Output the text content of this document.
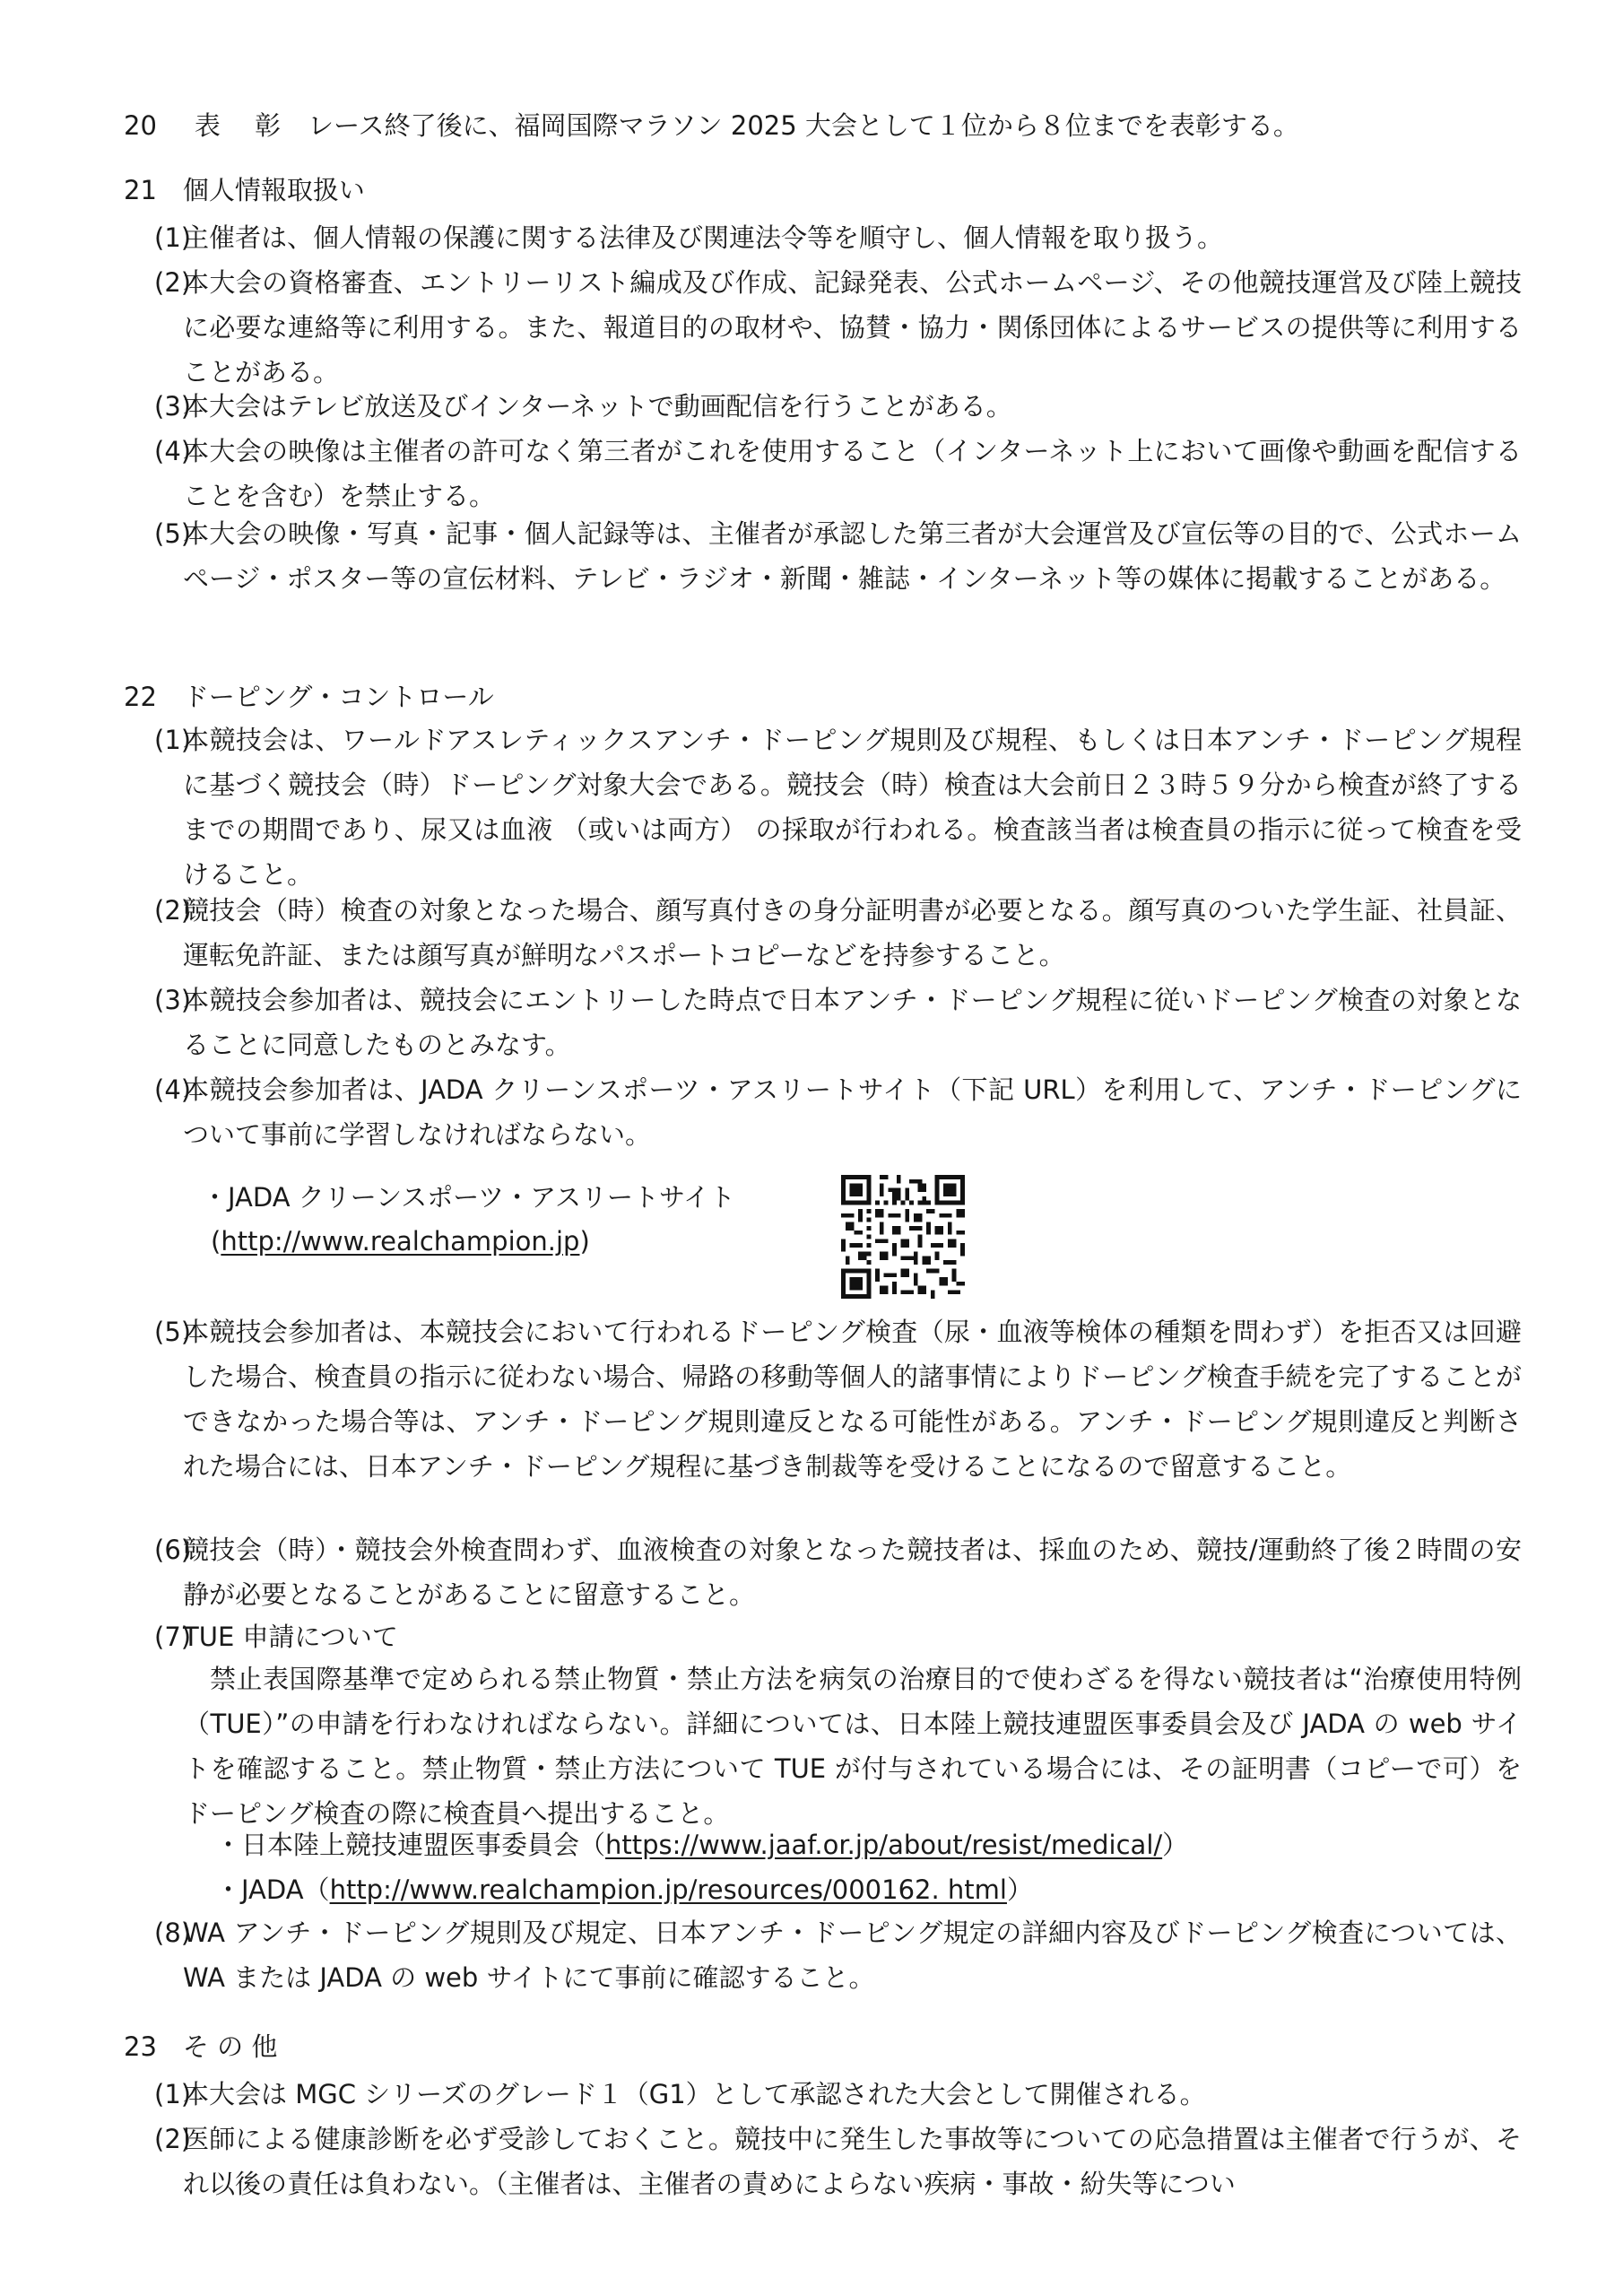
20 表　 彰 レース終了後に、福岡国際マラソン 2025 大会として１位から８位までを表彰する。
21　個人情報取扱い
(1)
主催者は、個人情報の保護に関する法律及び関連法令等を順守し、個人情報を取り扱う。
(2)
本大会の資格審査、エントリーリスト編成及び作成、記録発表、公式ホームページ、その他競技運営及び陸上競技に必要な連絡等に利用する。また、報道目的の取材や、協賛・協力・関係団体によるサービスの提供等に利用することがある。
(3)
本大会はテレビ放送及びインターネットで動画配信を行うことがある。
(4)
本大会の映像は主催者の許可なく第三者がこれを使用すること（インターネット上において画像や動画を配信することを含む）を禁止する。
(5)
本大会の映像・写真・記事・個人記録等は、主催者が承認した第三者が大会運営及び宣伝等の目的で、公式ホームページ・ポスター等の宣伝材料、テレビ・ラジオ・新聞・雑誌・インターネット等の媒体に掲載することがある。
22　ドーピング・コントロール
(1)
本競技会は、ワールドアスレティックスアンチ・ドーピング規則及び規程、もしくは日本アンチ・ドーピング規程に基づく競技会（時）ドーピング対象大会である。競技会（時）検査は大会前日２３時５９分から検査が終了するまでの期間であり、尿又は血液 （或いは両方） の採取が行われる。検査該当者は検査員の指示に従って検査を受けること。
(2)
競技会（時）検査の対象となった場合、顔写真付きの身分証明書が必要となる。顔写真のついた学生証、社員証、運転免許証、または顔写真が鮮明なパスポートコピーなどを持参すること。
(3)
本競技会参加者は、競技会にエントリーした時点で日本アンチ・ドーピング規程に従いドーピング検査の対象となることに同意したものとみなす。
(4)
本競技会参加者は、JADA クリーンスポーツ・アスリートサイト（下記 URL）を利用して、アンチ・ドーピングについて事前に学習しなければならない。
・JADA クリーンスポーツ・アスリートサイト
(http://www.realchampion.jp)
(5)
本競技会参加者は、本競技会において行われるドーピング検査（尿・血液等検体の種類を問わず）を拒否又は回避した場合、検査員の指示に従わない場合、帰路の移動等個人的諸事情によりドーピング検査手続を完了することができなかった場合等は、アンチ・ドーピング規則違反となる可能性がある。アンチ・ドーピング規則違反と判断された場合には、日本アンチ・ドーピング規程に基づき制裁等を受けることになるので留意すること。
(6)
競技会（時）・競技会外検査問わず、血液検査の対象となった競技者は、採血のため、競技/運動終了後２時間の安静が必要となることがあることに留意すること。
(7)
TUE 申請について
禁止表国際基準で定められる禁止物質・禁止方法を病気の治療目的で使わざるを得ない競技者は“治療使用特例（TUE）”の申請を行わなければならない。詳細については、日本陸上競技連盟医事委員会及び JADA の web サイトを確認すること。禁止物質・禁止方法について TUE が付与されている場合には、その証明書（コピーで可）をドーピング検査の際に検査員へ提出すること。
・日本陸上競技連盟医事委員会（https://www.jaaf.or.jp/about/resist/medical/）
・JADA（http://www.realchampion.jp/resources/000162. html）
(8)
WA アンチ・ドーピング規則及び規定、日本アンチ・ドーピング規定の詳細内容及びドーピング検査については、WA または JADA の web サイトにて事前に確認すること。
23　そ の 他
(1)
本大会は MGC シリーズのグレード１（G1）として承認された大会として開催される。
(2)
医師による健康診断を必ず受診しておくこと。競技中に発生した事故等についての応急措置は主催者で行うが、それ以後の責任は負わない。（主催者は、主催者の責めによらない疾病・事故・紛失等につい
